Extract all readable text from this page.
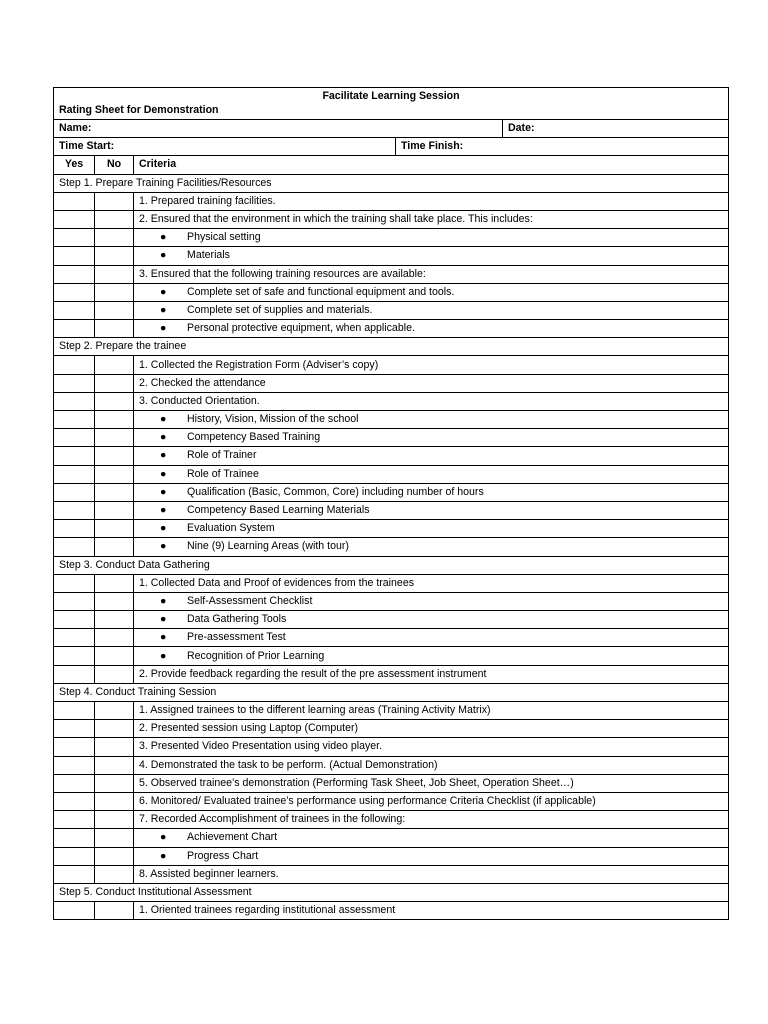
Facilitate Learning Session
Rating Sheet for Demonstration				

Name:				Date:
Time Start:			Time Finish:	
Yes	No	Criteria		
Step 1. Prepare Training Facilities/Resources				
		1. Prepared training facilities.		
		2. Ensured that the environment in which the training shall take place. This includes:		
		● Physical setting		
		● Materials		
		3. Ensured that the following training resources are available:		
		● Complete set of safe and functional equipment and tools.		
		● Complete set of supplies and materials.		
		● Personal protective equipment, when applicable.		
Step 2. Prepare the trainee				
		1. Collected the Registration Form (Adviser’s copy)		
		2. Checked the attendance		
		3. Conducted Orientation.		
		● History, Vision, Mission of the school		
		● Competency Based Training		
		● Role of Trainer		
		● Role of Trainee		
		● Qualification (Basic, Common, Core) including number of hours		
		● Competency Based Learning Materials		
		● Evaluation System		
		● Nine (9) Learning Areas (with tour)		
Step 3. Conduct Data Gathering				
		1. Collected Data and Proof of evidences from the trainees		
		● Self-Assessment Checklist		
		● Data Gathering Tools		
		● Pre-assessment Test		
		● Recognition of Prior Learning		
		2. Provide feedback regarding the result of the pre assessment instrument		
Step 4. Conduct Training Session				
		1. Assigned trainees to the different learning areas (Training Activity Matrix)		
		2. Presented session using Laptop (Computer)		
		3. Presented Video Presentation using video player.		
		4. Demonstrated the task to be perform. (Actual Demonstration)		
		5. Observed trainee’s demonstration (Performing Task Sheet, Job Sheet, Operation Sheet…)		
		6. Monitored/ Evaluated trainee’s performance using performance Criteria Checklist (if applicable)		
		7. Recorded Accomplishment of trainees in the following:		
		● Achievement Chart		
		● Progress Chart		
		8. Assisted beginner learners.		
Step 5. Conduct Institutional Assessment				
		1. Oriented trainees regarding institutional assessment		
